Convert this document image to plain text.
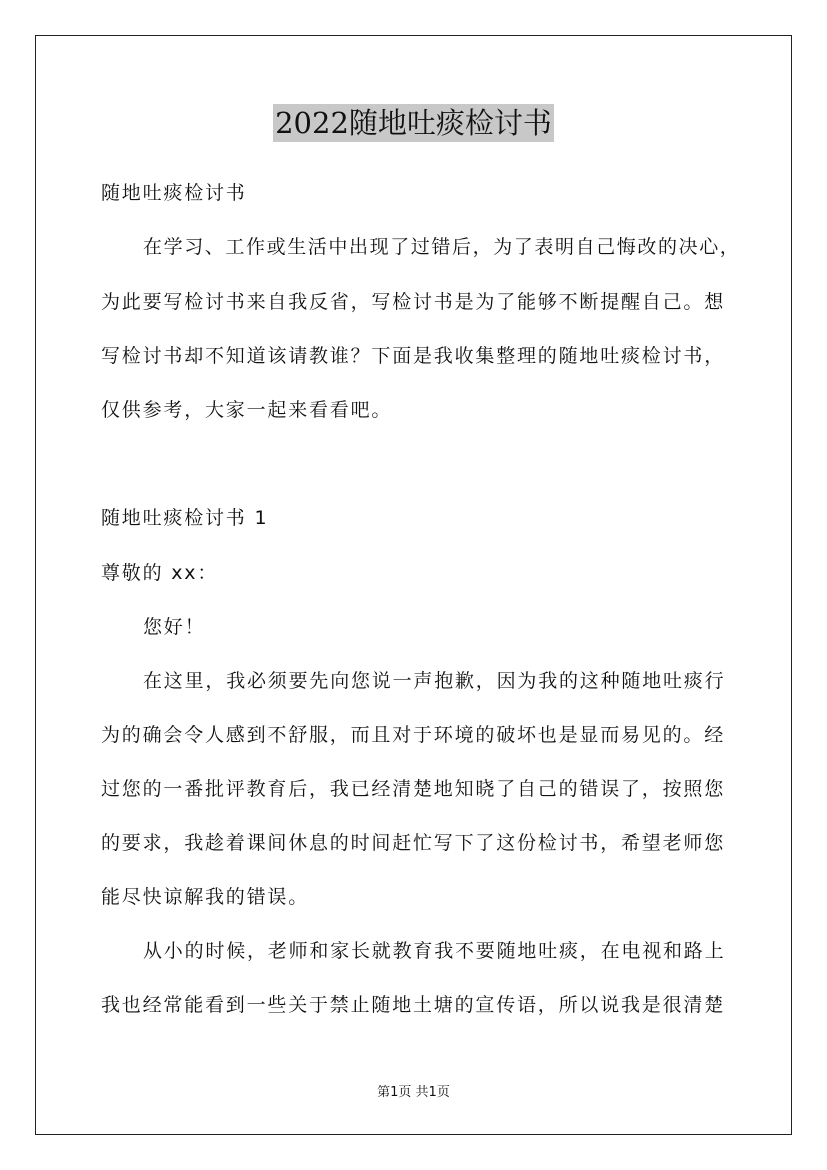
2022随地吐痰检讨书
随地吐痰检讨书
在学习、工作或生活中出现了过错后，为了表明自己悔改的决心，
为此要写检讨书来自我反省，写检讨书是为了能够不断提醒自己。想
写检讨书却不知道该请教谁？下面是我收集整理的随地吐痰检讨书，
仅供参考，大家一起来看看吧。
随地吐痰检讨书 1
尊敬的 xx：
您好！
在这里，我必须要先向您说一声抱歉，因为我的这种随地吐痰行
为的确会令人感到不舒服，而且对于环境的破坏也是显而易见的。经
过您的一番批评教育后，我已经清楚地知晓了自己的错误了，按照您
的要求，我趁着课间休息的时间赶忙写下了这份检讨书，希望老师您
能尽快谅解我的错误。
从小的时候，老师和家长就教育我不要随地吐痰，在电视和路上
我也经常能看到一些关于禁止随地土塘的宣传语，所以说我是很清楚
第1页 共1页
